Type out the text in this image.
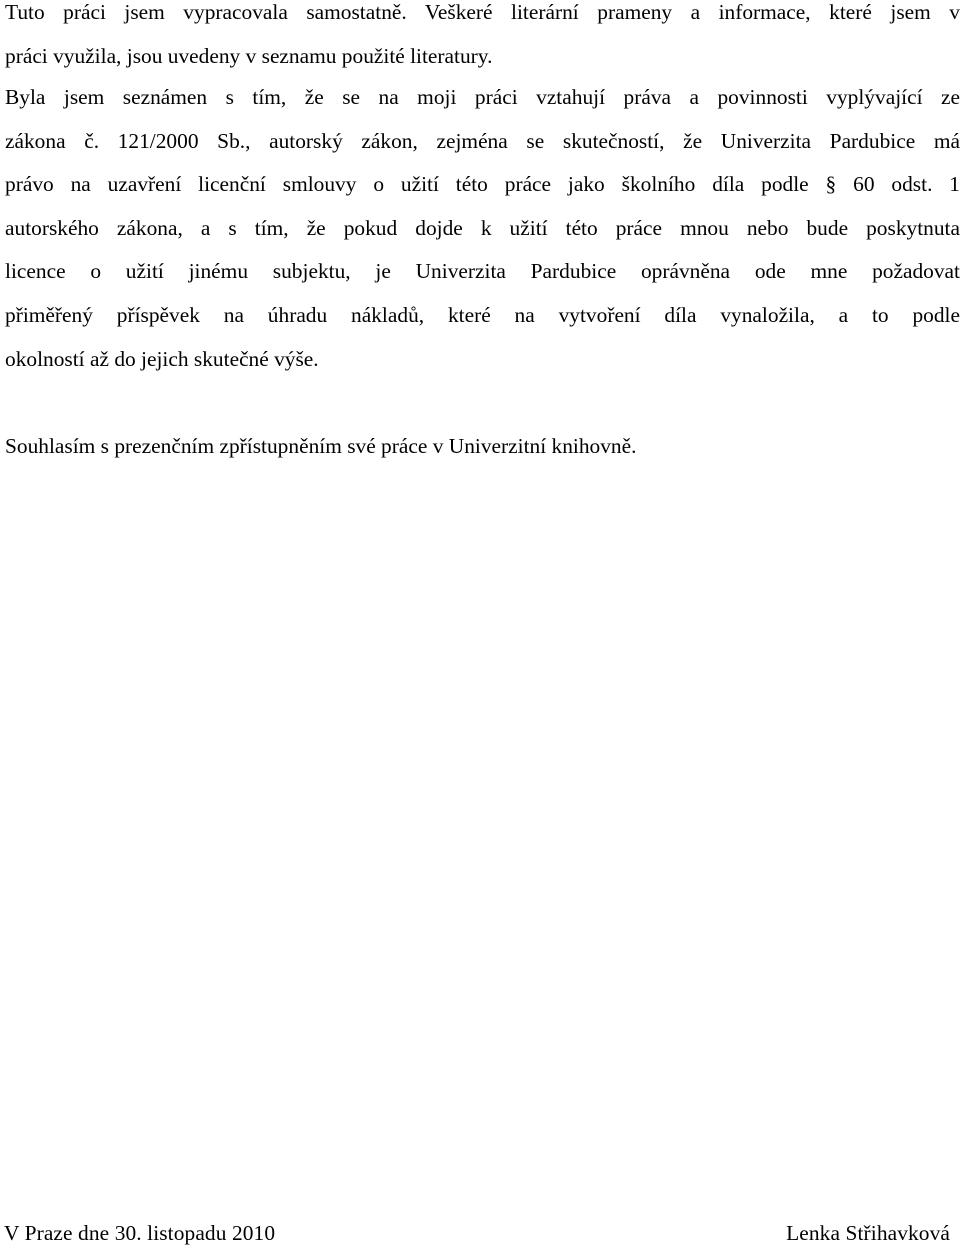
Tuto práci jsem vypracovala samostatně. Veškeré literární prameny a informace, které jsem v
práci využila, jsou uvedeny v seznamu použité literatury.
Byla jsem seznámen s tím, že se na moji práci vztahují práva a povinnosti vyplývající ze
zákona č. 121/2000 Sb., autorský zákon, zejména se skutečností, že Univerzita Pardubice má
právo na uzavření licenční smlouvy o užití této práce jako školního díla podle § 60 odst. 1
autorského zákona, a s tím, že pokud dojde k užití této práce mnou nebo bude poskytnuta
licence o užití jinému subjektu, je Univerzita Pardubice oprávněna ode mne požadovat
přiměřený příspěvek na úhradu nákladů, které na vytvoření díla vynaložila, a to podle
okolností až do jejich skutečné výše.
Souhlasím s prezenčním zpřístupněním své práce v Univerzitní knihovně.
V Praze dne 30. listopadu 2010	Lenka Střihavková
